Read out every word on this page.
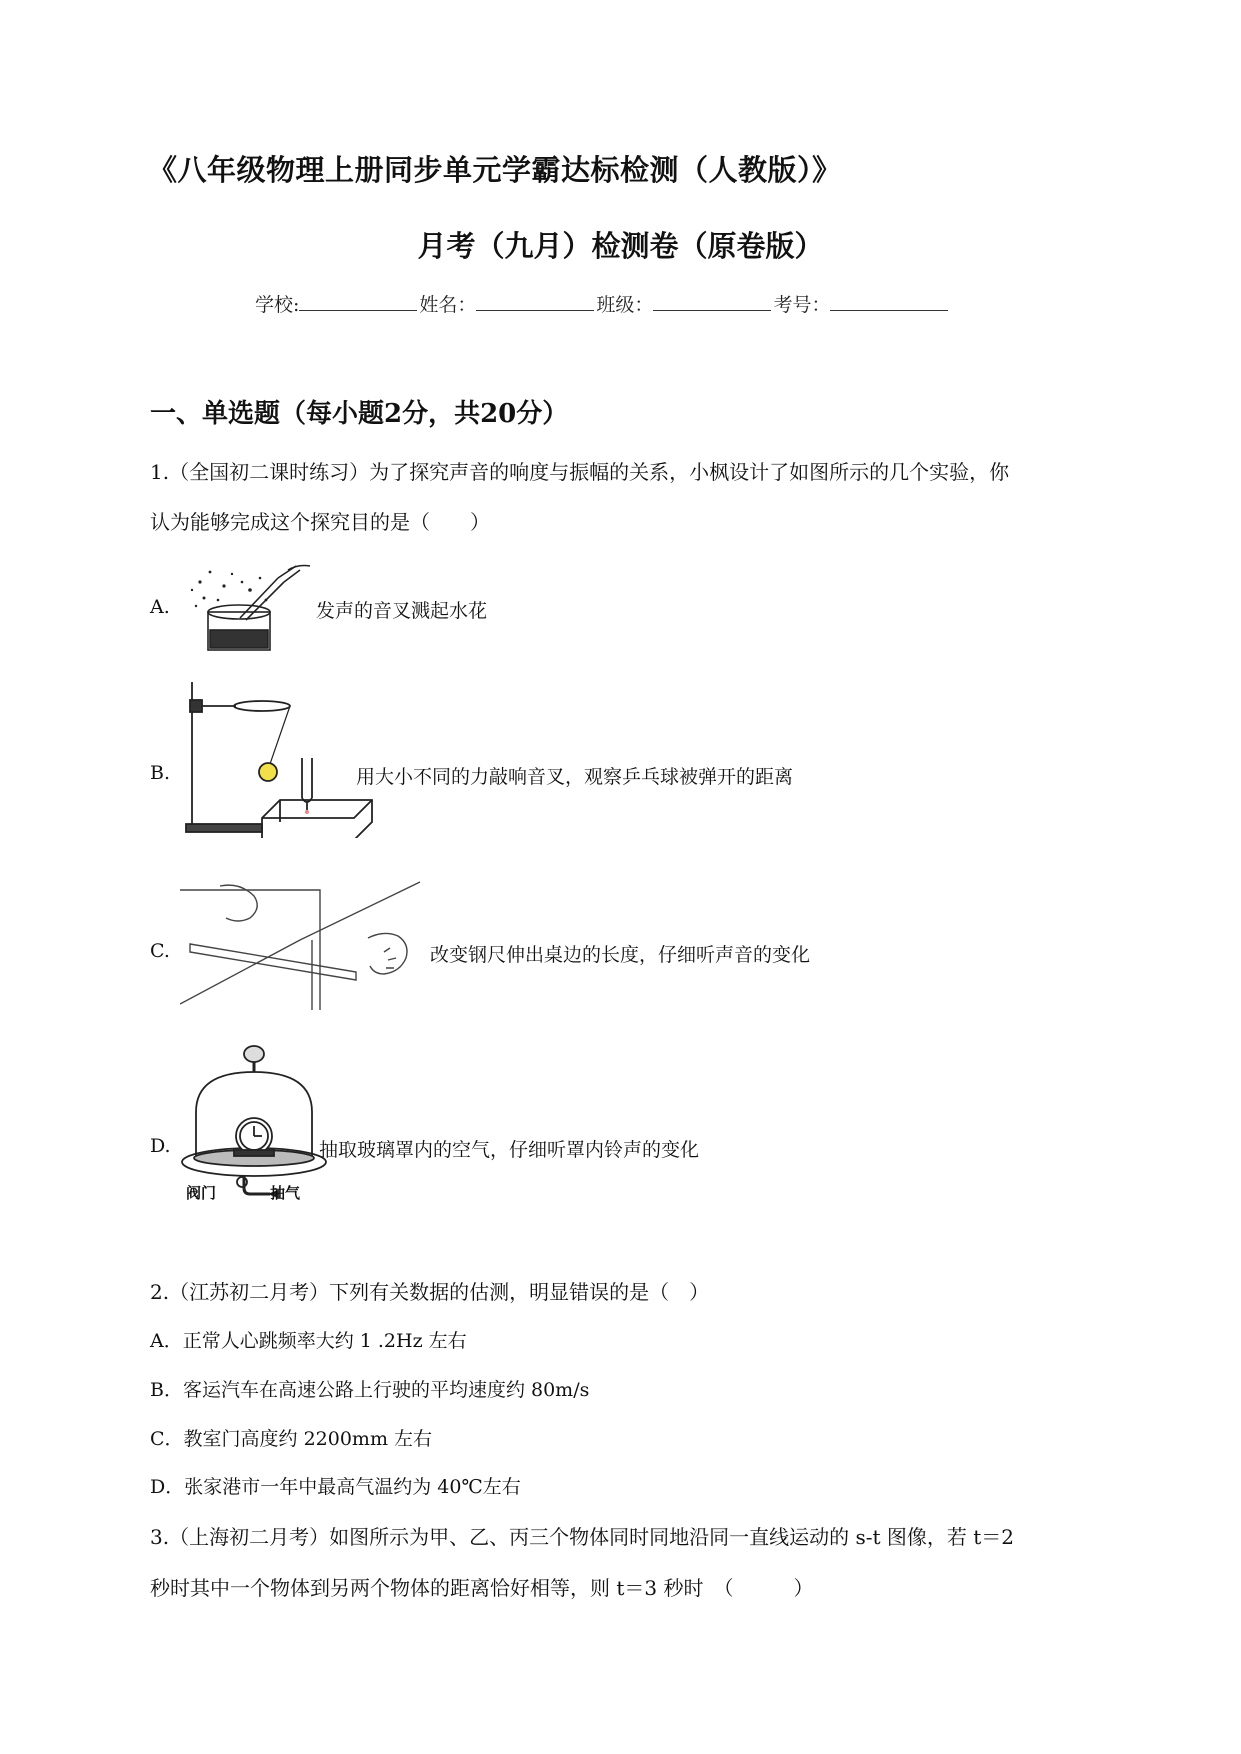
《八年级物理上册同步单元学霸达标检测（人教版）》
月考（九月）检测卷（原卷版）
学校:	姓名：	班级：	考号：
一、单选题（每小题2分，共20分）
1.（全国初二课时练习）为了探究声音的响度与振幅的关系，小枫设计了如图所示的几个实验，你
认为能够完成这个探究目的是（　　）
A.	发声的音叉溅起水花
B.	用大小不同的力敲响音叉，观察乒乓球被弹开的距离
C.	改变钢尺伸出桌边的长度，仔细听声音的变化
D.
阀门	抽气
抽取玻璃罩内的空气，仔细听罩内铃声的变化
2.（江苏初二月考）下列有关数据的估测，明显错误的是（　）
A．正常人心跳频率大约 1 .2Hz 左右
B．客运汽车在高速公路上行驶的平均速度约 80m/s
C．教室门高度约 2200mm 左右
D．张家港市一年中最高气温约为 40℃左右
3.（上海初二月考）如图所示为甲、乙、丙三个物体同时同地沿同一直线运动的 s-t 图像，若 t＝2
秒时其中一个物体到另两个物体的距离恰好相等，则 t＝3 秒时　（　　　）
